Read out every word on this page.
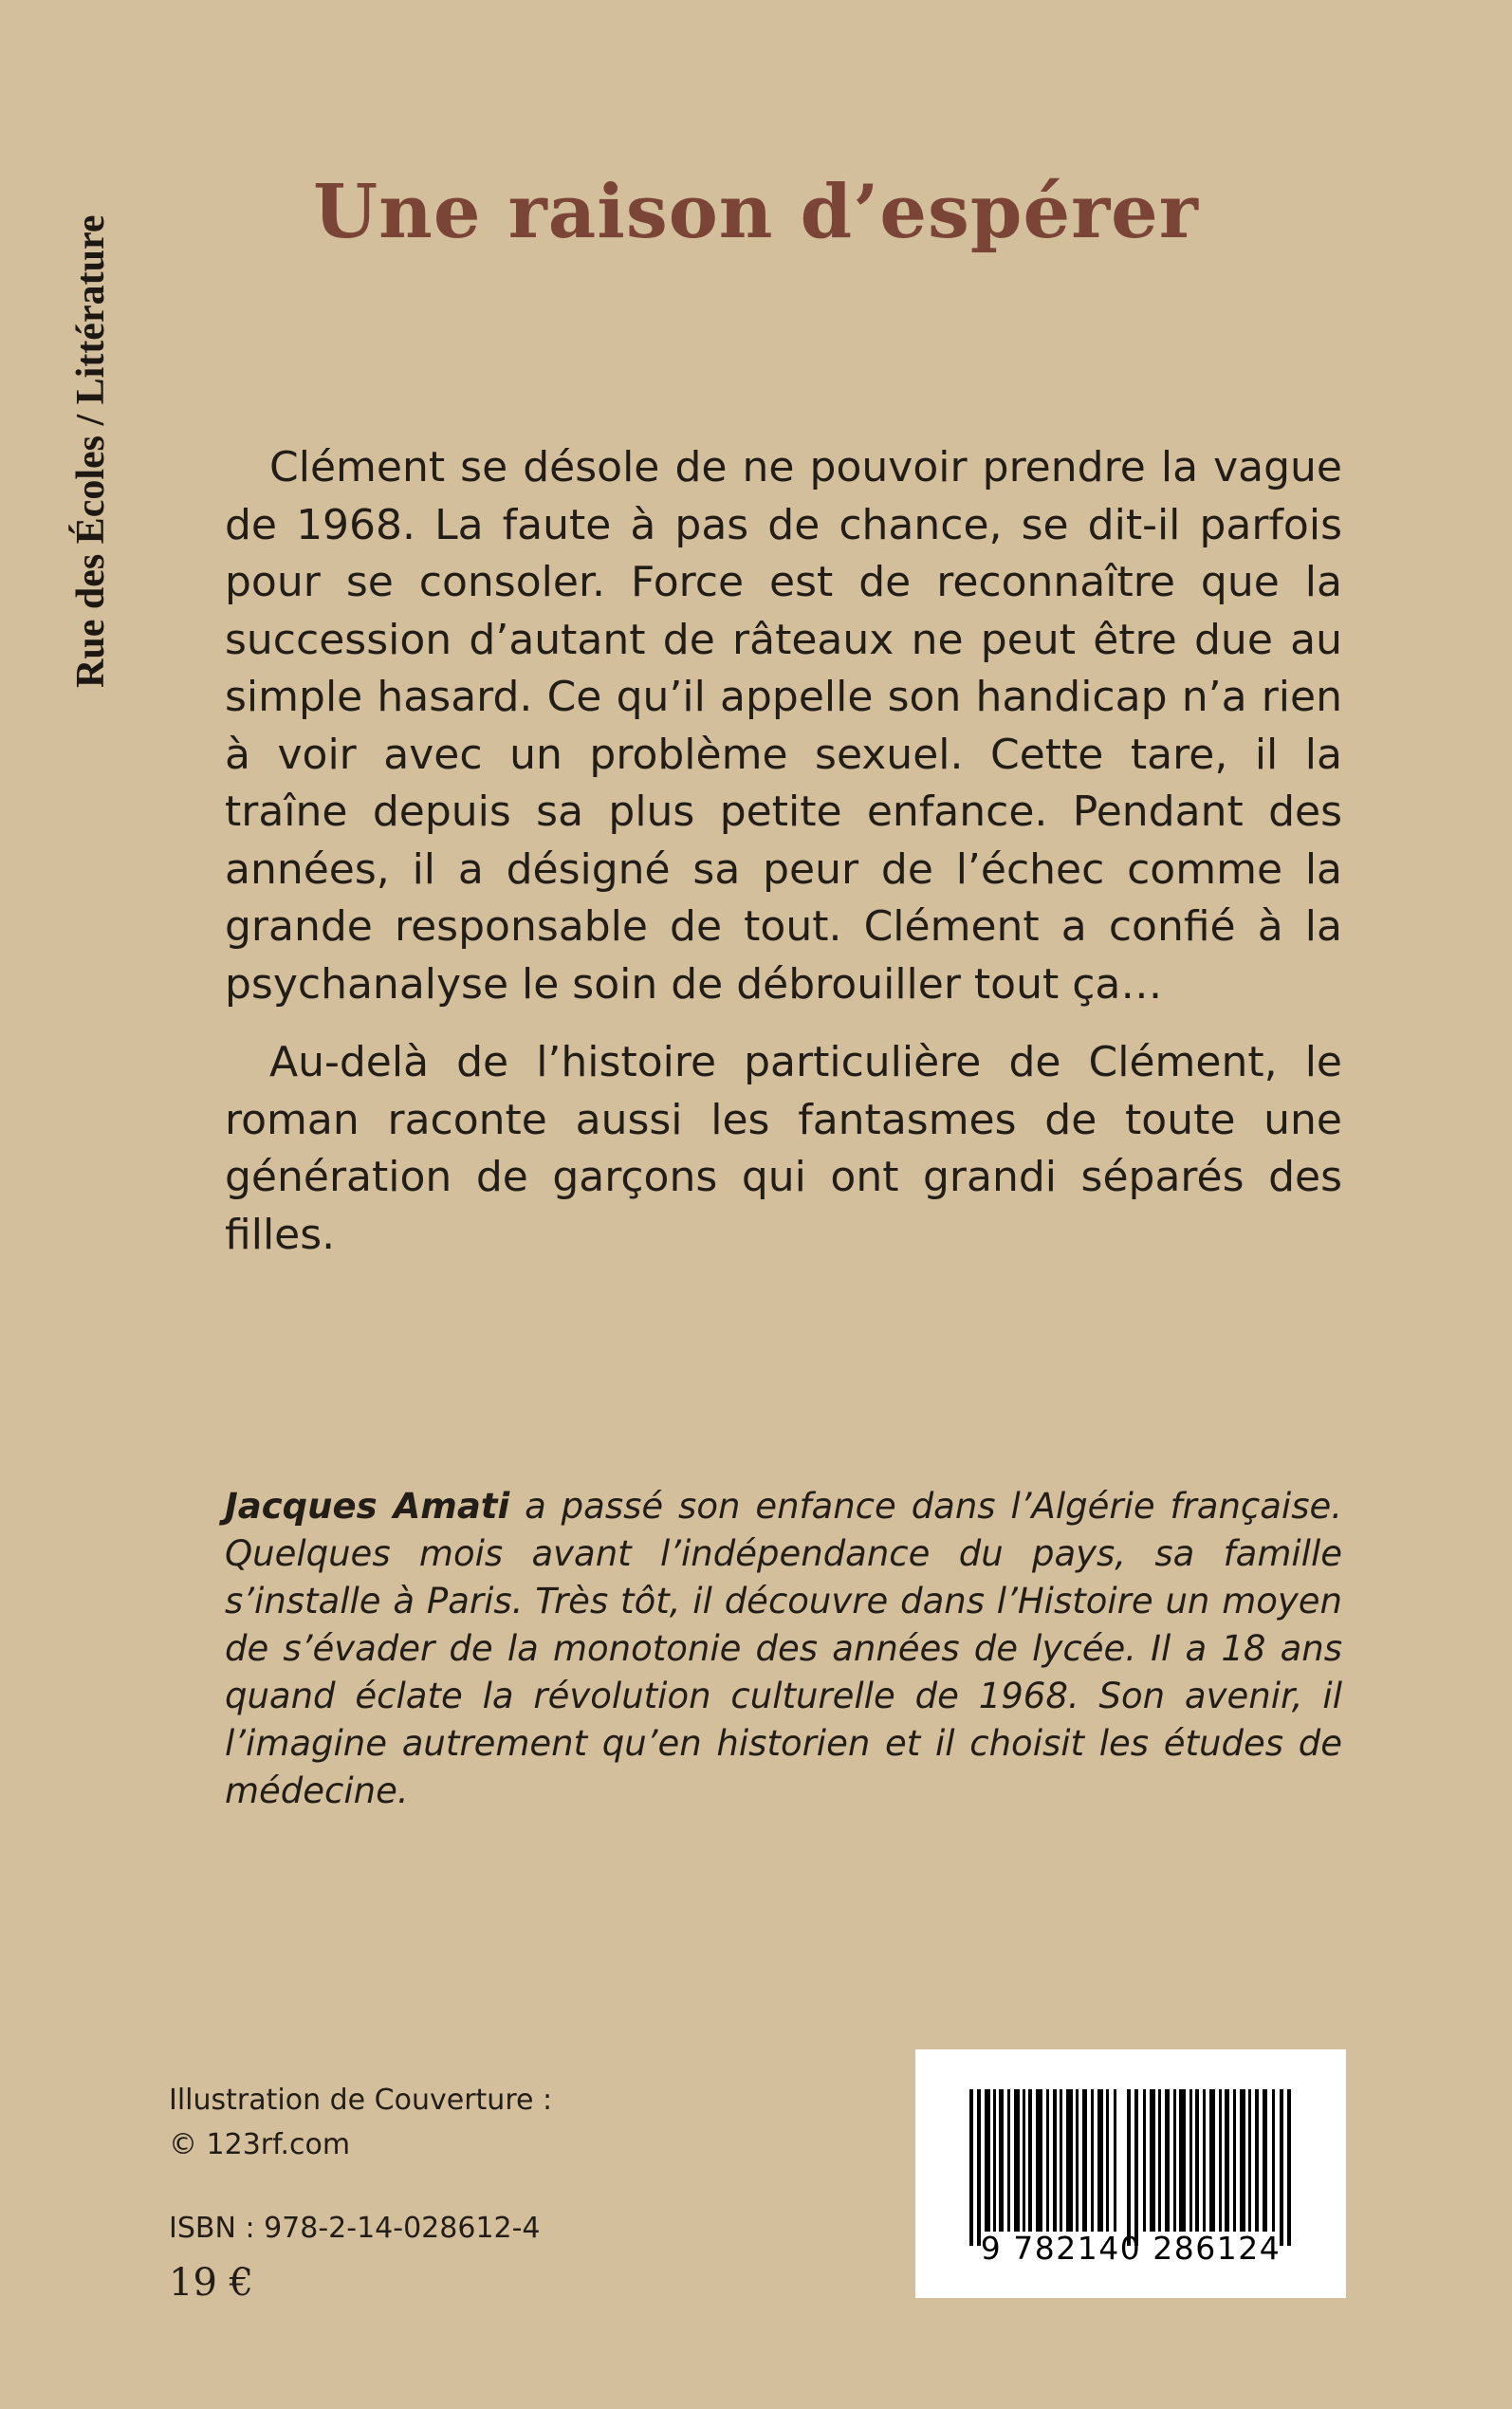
Rue des Écoles / Littérature
Une raison d’espérer

Clément se désole de ne pouvoir prendre la vague de 1968. La faute à pas de chance, se dit-il parfois pour se consoler. Force est de reconnaître que la succession d’autant de râteaux ne peut être due au simple hasard. Ce qu’il appelle son handicap n’a rien à voir avec un problème sexuel. Cette tare, il la traîne depuis sa plus petite enfance. Pendant des années, il a désigné sa peur de l’échec comme la grande responsable de tout. Clément a confié à la psychanalyse le soin de débrouiller tout ça…

Au-delà de l’histoire particulière de Clément, le roman raconte aussi les fantasmes de toute une génération de garçons qui ont grandi séparés des filles.

Jacques Amati a passé son enfance dans l’Algérie française. Quelques mois avant l’indépendance du pays, sa famille s’installe à Paris. Très tôt, il découvre dans l’Histoire un moyen de s’évader de la monotonie des années de lycée. Il a 18 ans quand éclate la révolution culturelle de 1968. Son avenir, il l’imagine autrement qu’en historien et il choisit les études de médecine.

Illustration de Couverture :
© 123rf.com
ISBN : 978-2-14-028612-4
19 €
9 782140 286124
